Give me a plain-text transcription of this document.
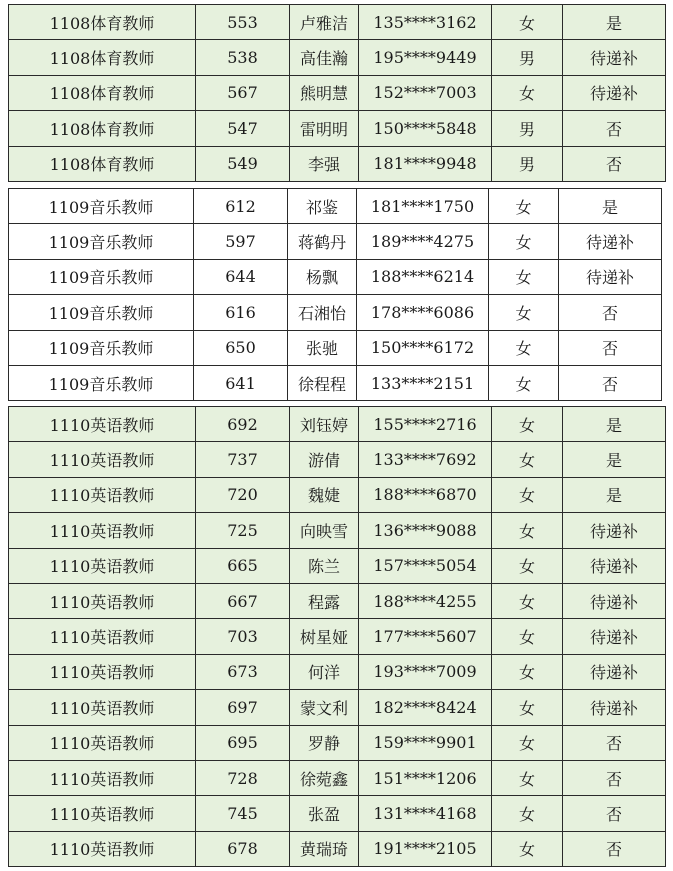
1108体育教师	553	卢雅洁	135****3162	女	是
1108体育教师	538	高佳瀚	195****9449	男	待递补
1108体育教师	567	熊明慧	152****7003	女	待递补
1108体育教师	547	雷明明	150****5848	男	否
1108体育教师	549	李强	181****9948	男	否
1109音乐教师	612	祁鉴	181****1750	女	是
1109音乐教师	597	蒋鹤丹	189****4275	女	待递补
1109音乐教师	644	杨飘	188****6214	女	待递补
1109音乐教师	616	石湘怡	178****6086	女	否
1109音乐教师	650	张驰	150****6172	女	否
1109音乐教师	641	徐程程	133****2151	女	否
1110英语教师	692	刘钰婷	155****2716	女	是
1110英语教师	737	游倩	133****7692	女	是
1110英语教师	720	魏婕	188****6870	女	是
1110英语教师	725	向映雪	136****9088	女	待递补
1110英语教师	665	陈兰	157****5054	女	待递补
1110英语教师	667	程露	188****4255	女	待递补
1110英语教师	703	树星娅	177****5607	女	待递补
1110英语教师	673	何洋	193****7009	女	待递补
1110英语教师	697	蒙文利	182****8424	女	待递补
1110英语教师	695	罗静	159****9901	女	否
1110英语教师	728	徐菀鑫	151****1206	女	否
1110英语教师	745	张盈	131****4168	女	否
1110英语教师	678	黄瑞琦	191****2105	女	否
